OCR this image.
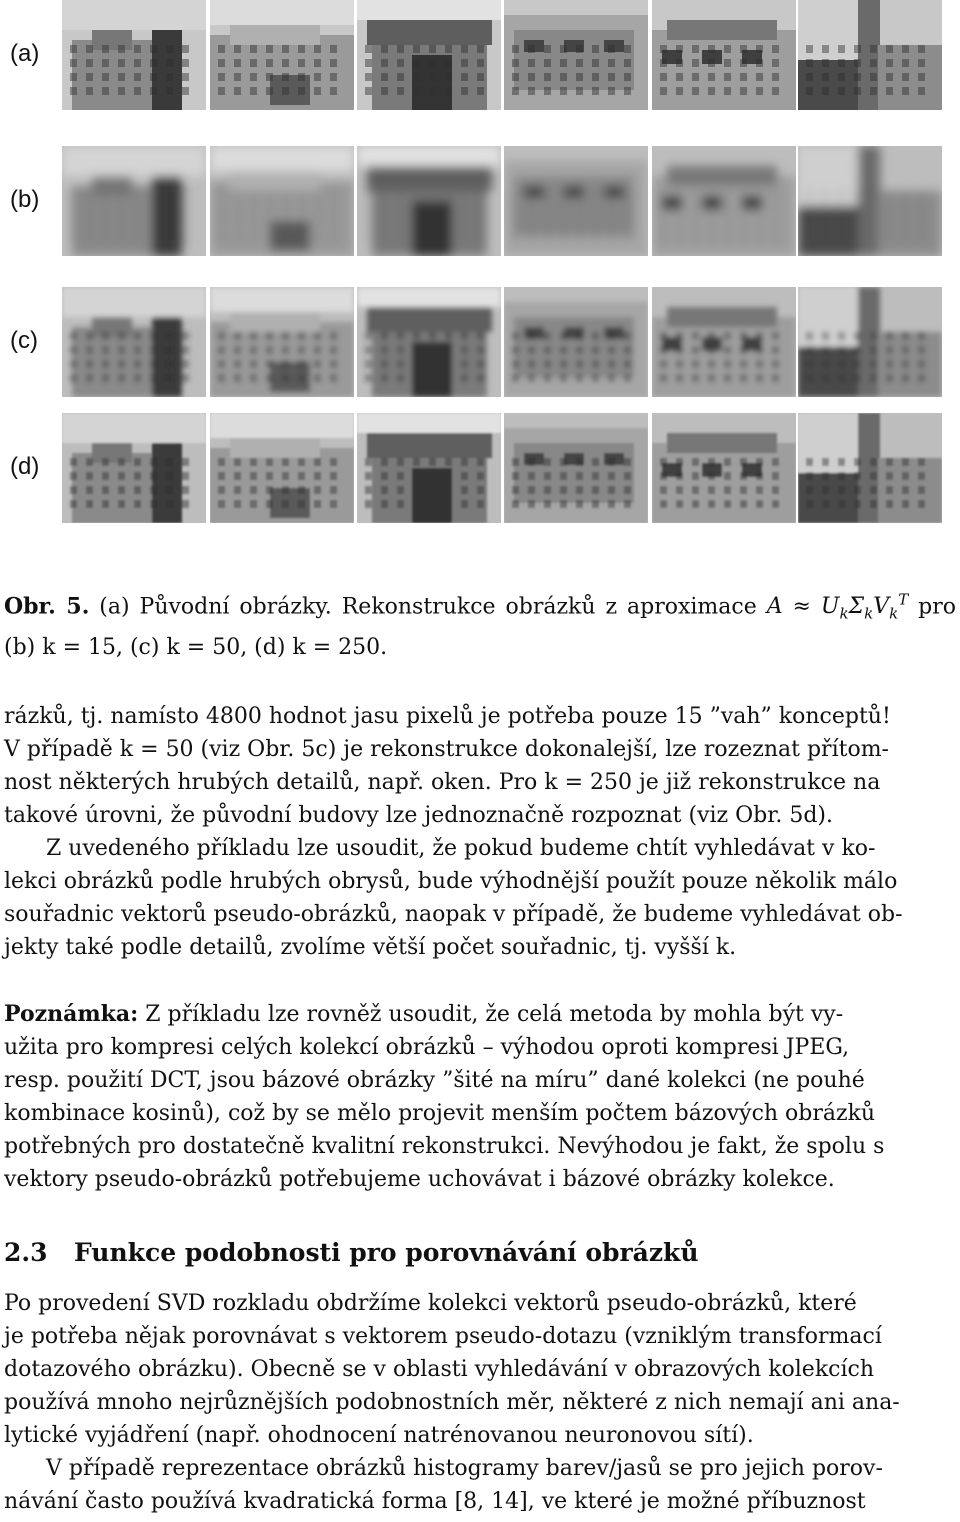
(a)
(b)
(c)
(d)

Obr. 5. (a) Původní obrázky. Rekonstrukce obrázků z aproximace $A \approx U_k\Sigma_kV_k^T$ pro (b) k = 15, (c) k = 50, (d) k = 250.

rázků, tj. namísto 4800 hodnot jasu pixelů je potřeba pouze 15 ”vah” konceptů!

V případě k = 50 (viz Obr. 5c) je rekonstrukce dokonalejší, lze rozeznat přítom-

nost některých hrubých detailů, např. oken. Pro k = 250 je již rekonstrukce na

takové úrovni, že původní budovy lze jednoznačně rozpoznat (viz Obr. 5d).

Z uvedeného příkladu lze usoudit, že pokud budeme chtít vyhledávat v ko-

lekci obrázků podle hrubých obrysů, bude výhodnější použít pouze několik málo

souřadnic vektorů pseudo-obrázků, naopak v případě, že budeme vyhledávat ob-

jekty také podle detailů, zvolíme větší počet souřadnic, tj. vyšší k.

Poznámka: Z příkladu lze rovněž usoudit, že celá metoda by mohla být vy-

užita pro kompresi celých kolekcí obrázků – výhodou oproti kompresi JPEG,

resp. použití DCT, jsou bázové obrázky ”šité na míru” dané kolekci (ne pouhé

kombinace kosinů), což by se mělo projevit menším počtem bázových obrázků

potřebných pro dostatečně kvalitní rekonstrukci. Nevýhodou je fakt, že spolu s

vektory pseudo-obrázků potřebujeme uchovávat i bázové obrázky kolekce.

2.3 Funkce podobnosti pro porovnávání obrázků

Po provedení SVD rozkladu obdržíme kolekci vektorů pseudo-obrázků, které

je potřeba nějak porovnávat s vektorem pseudo-dotazu (vzniklým transformací

dotazového obrázku). Obecně se v oblasti vyhledávání v obrazových kolekcích

používá mnoho nejrůznějších podobnostních měr, některé z nich nemají ani ana-

lytické vyjádření (např. ohodnocení natrénovanou neuronovou sítí).

V případě reprezentace obrázků histogramy barev/jasů se pro jejich porov-

návání často používá kvadratická forma [8, 14], ve které je možné příbuznost
